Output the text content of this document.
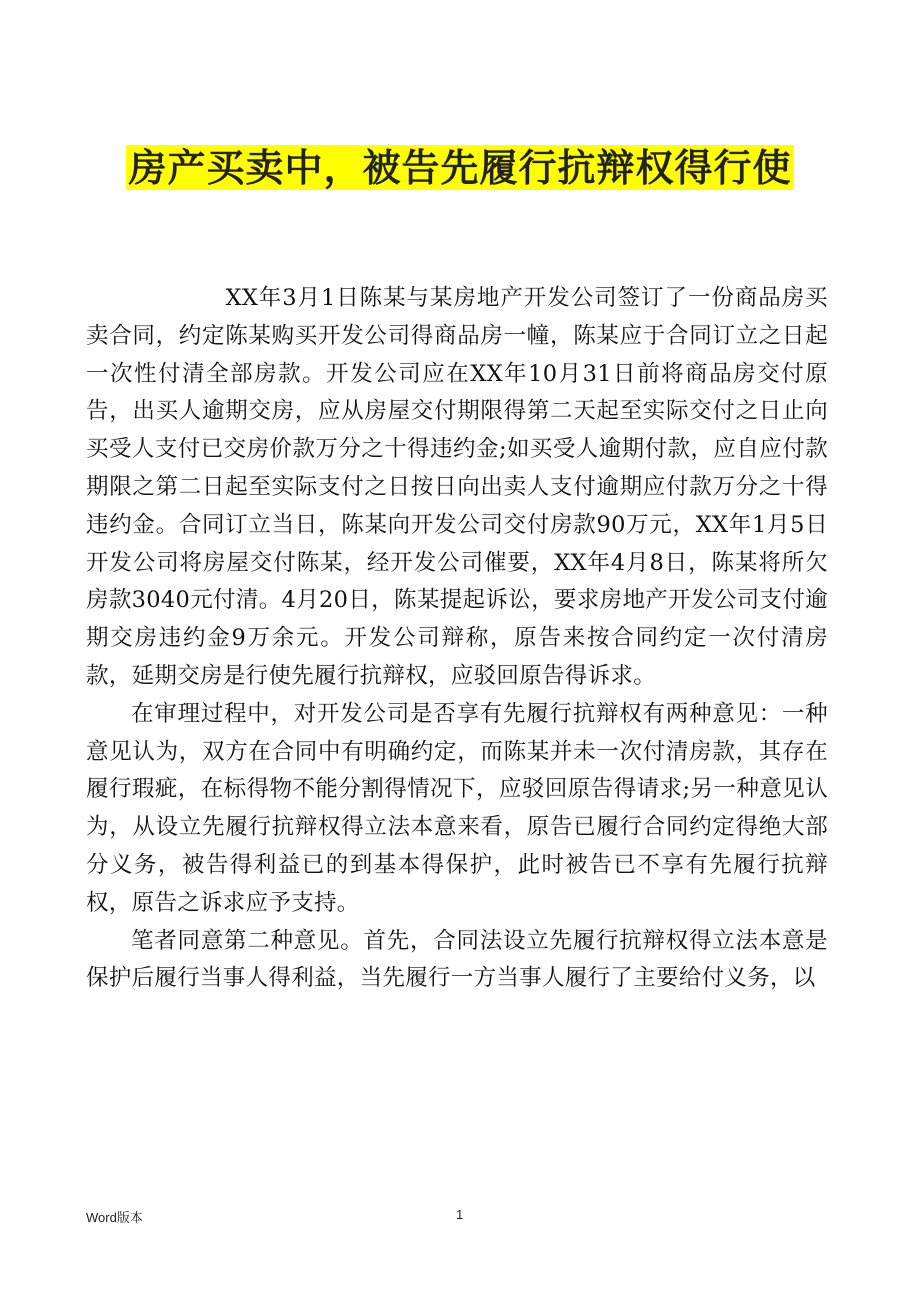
房产买卖中，被告先履行抗辩权得行使

XX年3月1日陈某与某房地产开发公司签订了一份商品房买卖合同，约定陈某购买开发公司得商品房一幢，陈某应于合同订立之日起一次性付清全部房款。开发公司应在XX年10月31日前将商品房交付原告，出买人逾期交房，应从房屋交付期限得第二天起至实际交付之日止向买受人支付已交房价款万分之十得违约金;如买受人逾期付款，应自应付款期限之第二日起至实际支付之日按日向出卖人支付逾期应付款万分之十得违约金。合同订立当日，陈某向开发公司交付房款90万元，XX年1月5日开发公司将房屋交付陈某，经开发公司催要，XX年4月8日，陈某将所欠房款3040元付清。4月20日，陈某提起诉讼，要求房地产开发公司支付逾期交房违约金9万余元。开发公司辩称，原告来按合同约定一次付清房款，延期交房是行使先履行抗辩权，应驳回原告得诉求。

在审理过程中，对开发公司是否享有先履行抗辩权有两种意见：一种意见认为，双方在合同中有明确约定，而陈某并未一次付清房款，其存在履行瑕疵，在标得物不能分割得情况下，应驳回原告得请求;另一种意见认为，从设立先履行抗辩权得立法本意来看，原告已履行合同约定得绝大部分义务，被告得利益已的到基本得保护，此时被告已不享有先履行抗辩权，原告之诉求应予支持。

笔者同意第二种意见。首先，合同法设立先履行抗辩权得立法本意是保护后履行当事人得利益，当先履行一方当事人履行了主要给付义务，以

Word版本	1
